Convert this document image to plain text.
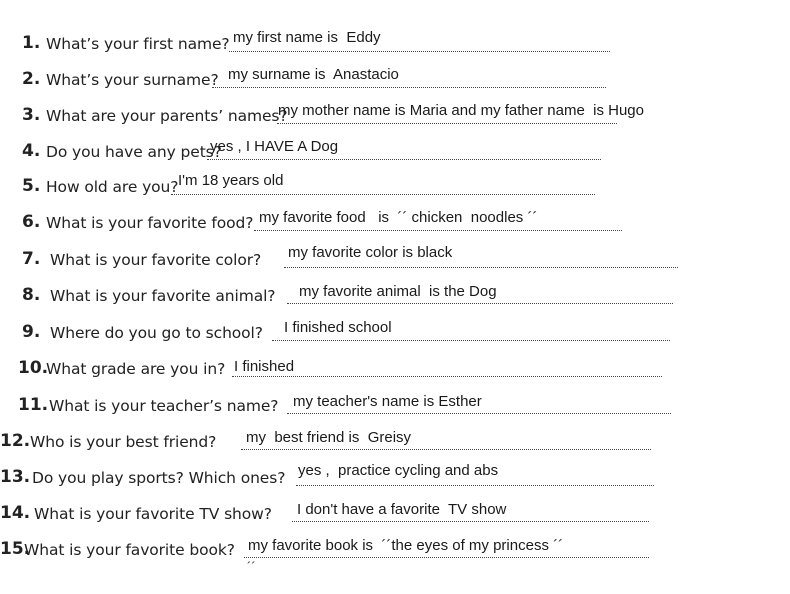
1. What’s your first name? my first name is  Eddy
2. What’s your surname? my surname is  Anastacio
3. What are your parents’ names?
my mother name is Maria and my father name  is Hugo
4. Do you have any pets?
yes , I HAVE A Dog
5. How old are you? I'm 18 years old
6. What is your favorite food? my favorite food   is  ´´ chicken  noodles ´´
7. What is your favorite color? my favorite color is black
8. What is your favorite animal? my favorite animal  is the Dog
9. Where do you go to school? I finished school
10.
What grade are you in? I finished
11. What is your teacher’s name? my teacher's name is Esther
12. Who is your best friend? my  best friend is  Greisy
13. Do you play sports? Which ones? yes ,  practice cycling and abs
14. What is your favorite TV show? I don't have a favorite  TV show
15.
What is your favorite book? my favorite book is  ´´the eyes of my princess ´´
´´
